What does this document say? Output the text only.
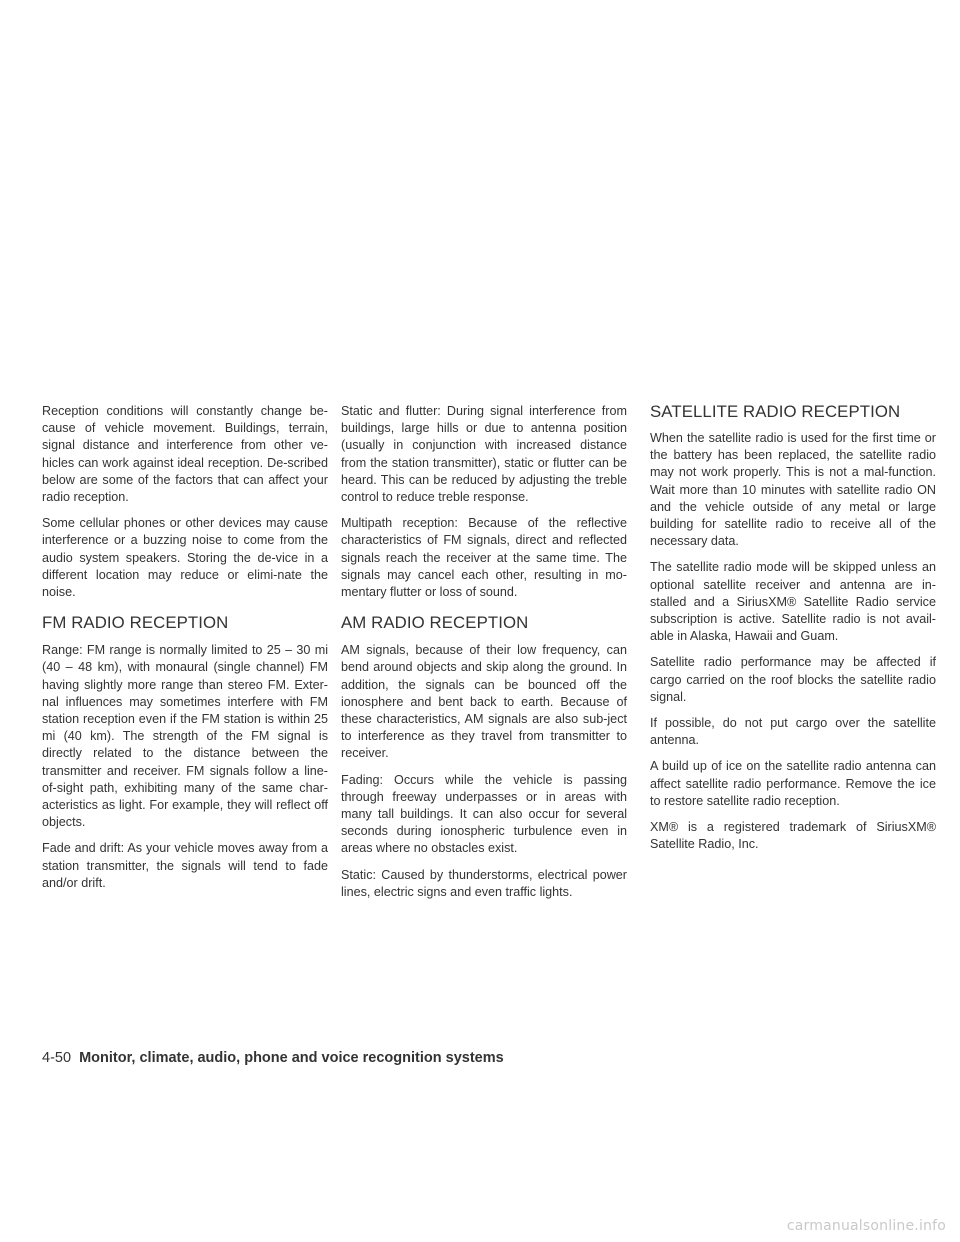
Reception conditions will constantly change be-cause of vehicle movement. Buildings, terrain, signal distance and interference from other ve-hicles can work against ideal reception. De-scribed below are some of the factors that can affect your radio reception.

Some cellular phones or other devices may cause interference or a buzzing noise to come from the audio system speakers. Storing the de-vice in a different location may reduce or elimi-nate the noise.

FM RADIO RECEPTION

Range: FM range is normally limited to 25 – 30 mi (40 – 48 km), with monaural (single channel) FM having slightly more range than stereo FM. Exter-nal influences may sometimes interfere with FM station reception even if the FM station is within 25 mi (40 km). The strength of the FM signal is directly related to the distance between the transmitter and receiver. FM signals follow a line-of-sight path, exhibiting many of the same char-acteristics as light. For example, they will reflect off objects.

Fade and drift: As your vehicle moves away from a station transmitter, the signals will tend to fade and/or drift.

Static and flutter: During signal interference from buildings, large hills or due to antenna position (usually in conjunction with increased distance from the station transmitter), static or flutter can be heard. This can be reduced by adjusting the treble control to reduce treble response.

Multipath reception: Because of the reflective characteristics of FM signals, direct and reflected signals reach the receiver at the same time. The signals may cancel each other, resulting in mo-mentary flutter or loss of sound.

AM RADIO RECEPTION

AM signals, because of their low frequency, can bend around objects and skip along the ground. In addition, the signals can be bounced off the ionosphere and bent back to earth. Because of these characteristics, AM signals are also sub-ject to interference as they travel from transmitter to receiver.

Fading: Occurs while the vehicle is passing through freeway underpasses or in areas with many tall buildings. It can also occur for several seconds during ionospheric turbulence even in areas where no obstacles exist.

Static: Caused by thunderstorms, electrical power lines, electric signs and even traffic lights.

SATELLITE RADIO RECEPTION

When the satellite radio is used for the first time or the battery has been replaced, the satellite radio may not work properly. This is not a mal-function. Wait more than 10 minutes with satellite radio ON and the vehicle outside of any metal or large building for satellite radio to receive all of the necessary data.

The satellite radio mode will be skipped unless an optional satellite receiver and antenna are in-stalled and a SiriusXM® Satellite Radio service subscription is active. Satellite radio is not avail-able in Alaska, Hawaii and Guam.

Satellite radio performance may be affected if cargo carried on the roof blocks the satellite radio signal.

If possible, do not put cargo over the satellite antenna.

A build up of ice on the satellite radio antenna can affect satellite radio performance. Remove the ice to restore satellite radio reception.

XM® is a registered trademark of SiriusXM® Satellite Radio, Inc.

4-50 Monitor, climate, audio, phone and voice recognition systems
carmanualsonline.info
